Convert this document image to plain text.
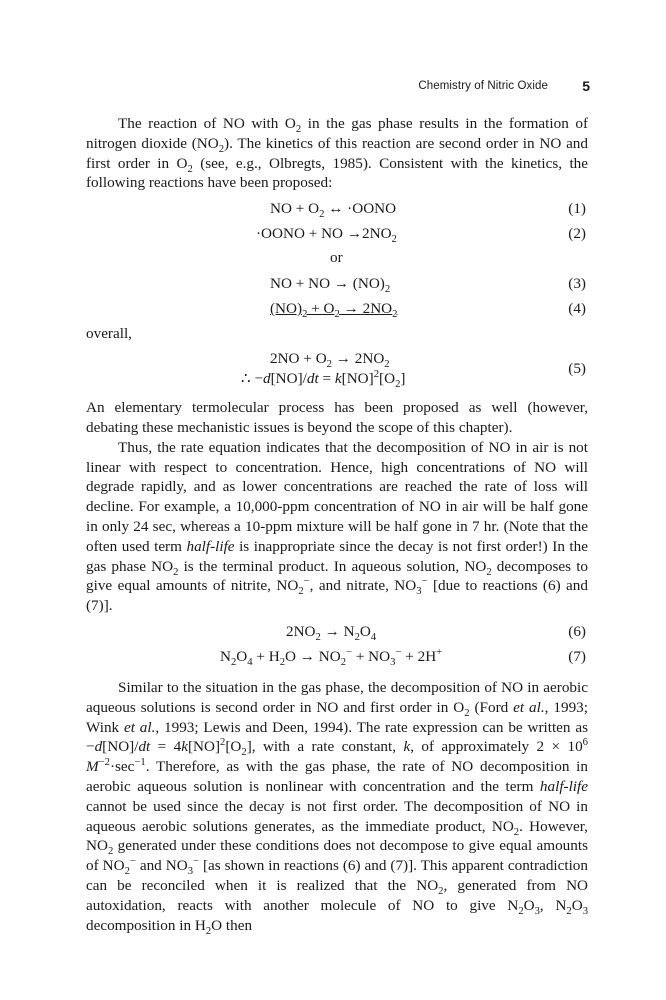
Chemistry of Nitric Oxide 5

The reaction of NO with $O_2$ in the gas phase results in the formation of nitrogen dioxide $(NO_2)$. The kinetics of this reaction are second order in NO and first order in $O_2$ (see, e.g., Olbregts, 1985). Consistent with the kinetics, the following reactions have been proposed:

NO + $O_2$ ↔ ·OONO	(1)
·OONO + NO $\to 2NO_2$	(2)
or
NO + NO → $(NO)_2$	(3)
$(NO)_2 + O_2 \to 2NO_2$	(4)
overall,
$2NO + O_2 \to 2NO_2$
∴ $-d[NO]/dt = k[NO]^2[O_2]$
(5)

An elementary termolecular process has been proposed as well (however, debating these mechanistic issues is beyond the scope of this chapter).

Thus, the rate equation indicates that the decomposition of NO in air is not linear with respect to concentration. Hence, high concentrations of NO will degrade rapidly, and as lower concentrations are reached the rate of loss will decline. For example, a 10,000-ppm concentration of NO in air will be half gone in only 24 sec, whereas a 10-ppm mixture will be half gone in 7 hr. (Note that the often used term half-life is inappropriate since the decay is not first order!) In the gas phase $NO_2$ is the terminal product. In aqueous solution, $NO_2$ decomposes to give equal amounts of nitrite, $NO_2^-$, and nitrate, $NO_3^-$ [due to reactions (6) and (7)].

$2NO_2 \to N_2O_4$	(6)
$N_2O_4 + H_2O \to NO_2^- + NO_3^- + 2H^+$	(7)

Similar to the situation in the gas phase, the decomposition of NO in aerobic aqueous solutions is second order in NO and first order in $O_2$ (Ford et al., 1993; Wink et al., 1993; Lewis and Deen, 1994). The rate expression can be written as $-d[NO]/dt = 4k[NO]^2[O_2]$, with a rate constant, k, of approximately $2 \times 10^6$ $M^{-2}\cdot\sec^{-1}$. Therefore, as with the gas phase, the rate of NO decomposition in aerobic aqueous solution is nonlinear with concentration and the term half-life cannot be used since the decay is not first order. The decomposition of NO in aqueous aerobic solutions generates, as the immediate product, $NO_2$. However, $NO_2$ generated under these conditions does not decompose to give equal amounts of $NO_2^-$ and $NO_3^-$ [as shown in reactions (6) and (7)]. This apparent contradiction can be reconciled when it is realized that the $NO_2$, generated from NO autoxidation, reacts with another molecule of NO to give $N_2O_3$, $N_2O_3$ decomposition in $H_2O$ then
